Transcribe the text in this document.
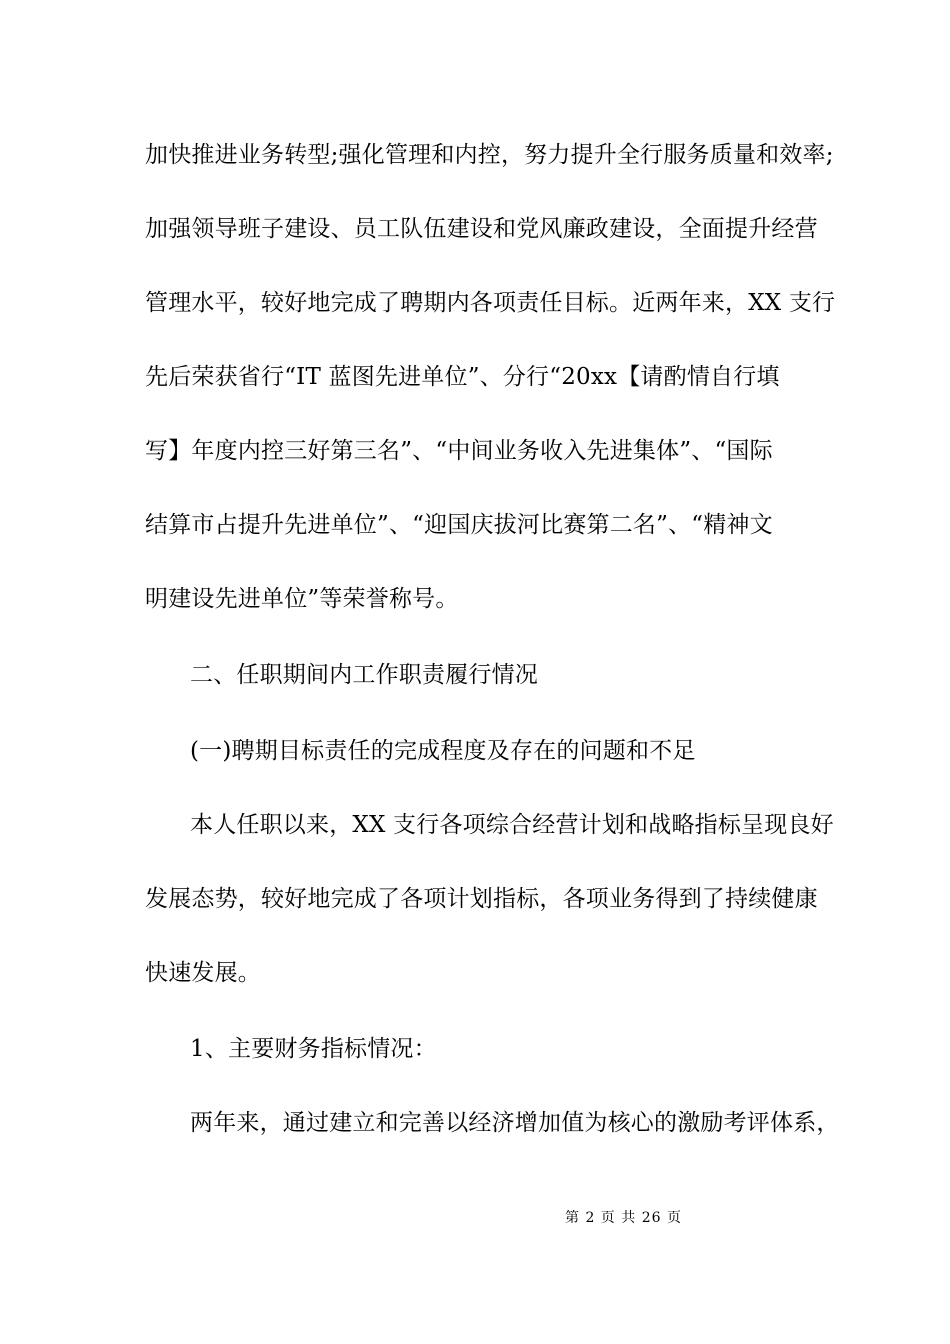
加快推进业务转型;强化管理和内控，努力提升全行服务质量和效率;
加强领导班子建设、员工队伍建设和党风廉政建设，全面提升经营
管理水平，较好地完成了聘期内各项责任目标。近两年来，XX 支行
先后荣获省行“IT 蓝图先进单位”、分行“20xx【请酌情自行填
写】年度内控三好第三名”、“中间业务收入先进集体”、“国际
结算市占提升先进单位”、“迎国庆拔河比赛第二名”、“精神文
明建设先进单位”等荣誉称号。
二、任职期间内工作职责履行情况
(一)聘期目标责任的完成程度及存在的问题和不足
本人任职以来，XX 支行各项综合经营计划和战略指标呈现良好
发展态势，较好地完成了各项计划指标，各项业务得到了持续健康
快速发展。
1、主要财务指标情况：
两年来，通过建立和完善以经济增加值为核心的激励考评体系，
第 2 页 共 26 页
